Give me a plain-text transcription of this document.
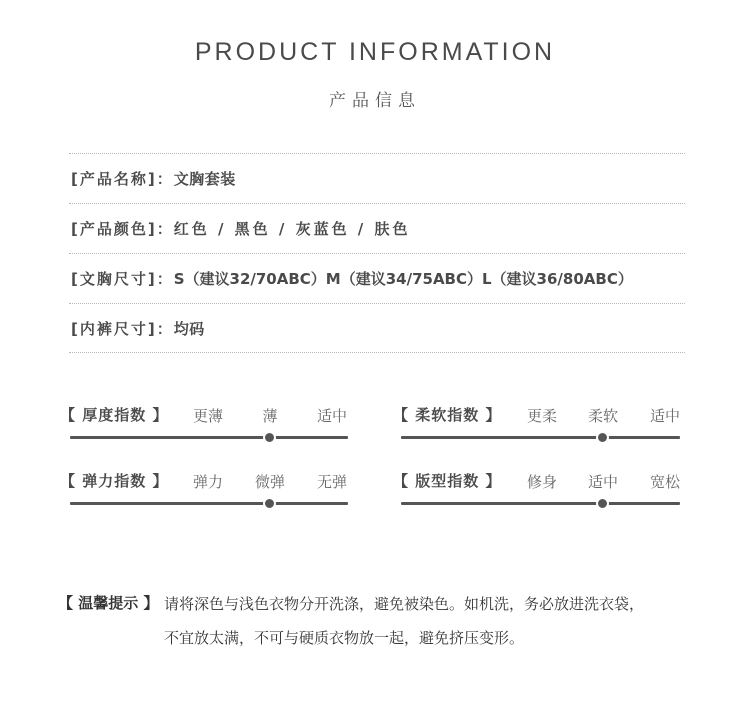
PRODUCT INFORMATION
产品信息
[产品名称]：文胸套装
[产品颜色]：红色 / 黑色 / 灰蓝色 / 肤色
[文胸尺寸]：S（建议32/70ABC）M（建议34/75ABC）L（建议36/80ABC）
[内裤尺寸]：均码
【 厚度指数 】	更薄	薄	适中	【 柔软指数 】	更柔	柔软	适中
【 弹力指数 】	弹力	微弹	无弹	【 版型指数 】	修身	适中	宽松
【 温馨提示 】 请将深色与浅色衣物分开洗涤，避免被染色。如机洗，务必放进洗衣袋，
不宜放太满，不可与硬质衣物放一起，避免挤压变形。
